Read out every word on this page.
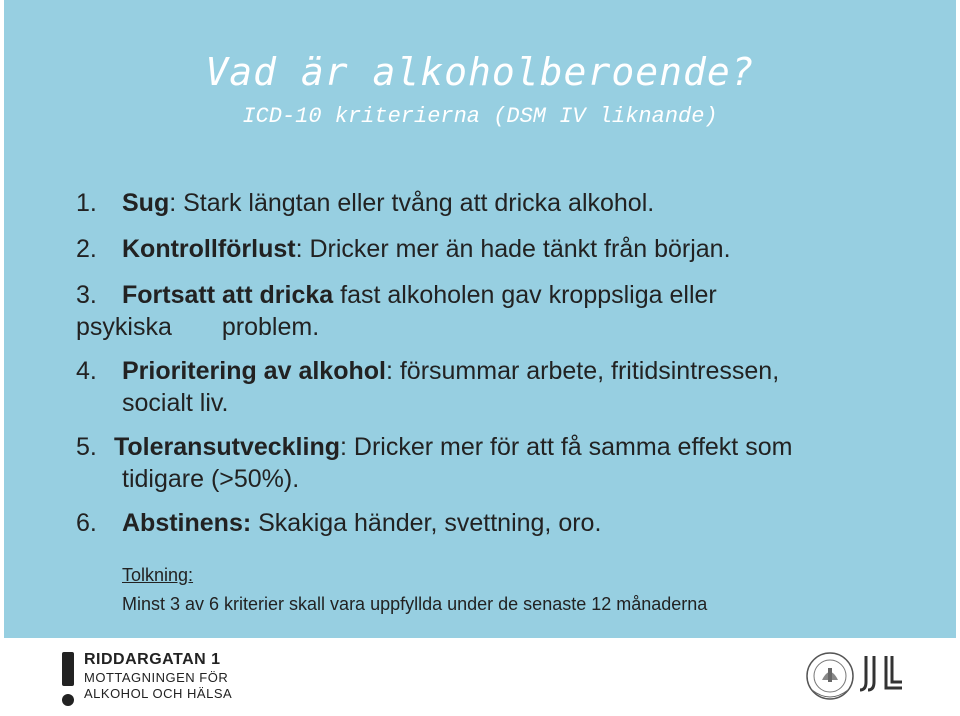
Vad är alkoholberoende?
ICD-10 kriterierna (DSM IV liknande)
1. Sug: Stark längtan eller tvång att dricka alkohol.
2. Kontrollförlust: Dricker mer än hade tänkt från början.
3. Fortsatt att dricka fast alkoholen gav kroppsliga eller
psykiska problem.
4. Prioritering av alkohol: försummar arbete, fritidsintressen,
socialt liv.
5. Toleransutveckling: Dricker mer för att få samma effekt som
tidigare (>50%).
6. Abstinens: Skakiga händer, svettning, oro.
Tolkning:
Minst 3 av 6 kriterier skall vara uppfyllda under de senaste 12 månaderna
RIDDARGATAN 1
MOTTAGNINGEN FÖR
ALKOHOL OCH HÄLSA
